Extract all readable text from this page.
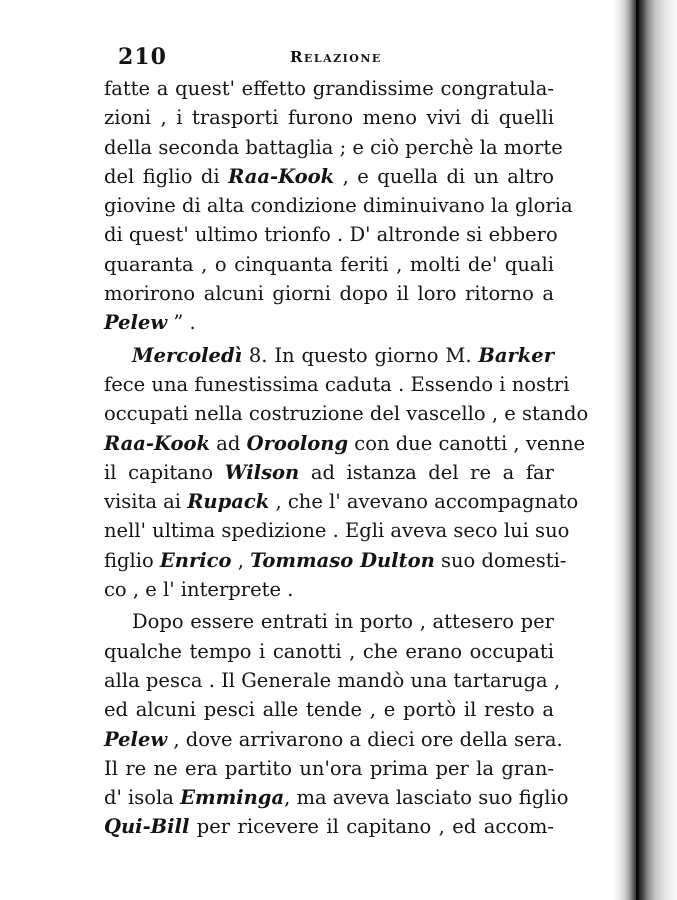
210	Relazione
fatte a quest' effetto grandissime congratula-
zioni , i trasporti furono meno vivi di quelli
della seconda battaglia ; e ciò perchè la morte
del figlio di Raa-Kook , e quella di un altro
giovine di alta condizione diminuivano la gloria
di quest' ultimo trionfo . D' altronde si ebbero
quaranta , o cinquanta feriti , molti de' quali
morirono alcuni giorni dopo il loro ritorno a
Pelew ” .
Mercoledì 8. In questo giorno M. Barker
fece una funestissima caduta . Essendo i nostri
occupati nella costruzione del vascello , e stando
Raa-Kook ad Oroolong con due canotti , venne
il capitano Wilson ad istanza del re a far
visita ai Rupack , che l' avevano accompagnato
nell' ultima spedizione . Egli aveva seco lui suo
figlio Enrico , Tommaso Dulton suo domesti-
co , e l' interprete .
Dopo essere entrati in porto , attesero per
qualche tempo i canotti , che erano occupati
alla pesca . Il Generale mandò una tartaruga ,
ed alcuni pesci alle tende , e portò il resto a
Pelew , dove arrivarono a dieci ore della sera.
Il re ne era partito un'ora prima per la gran-
d' isola Emminga, ma aveva lasciato suo figlio
Qui-Bill per ricevere il capitano , ed accom-
